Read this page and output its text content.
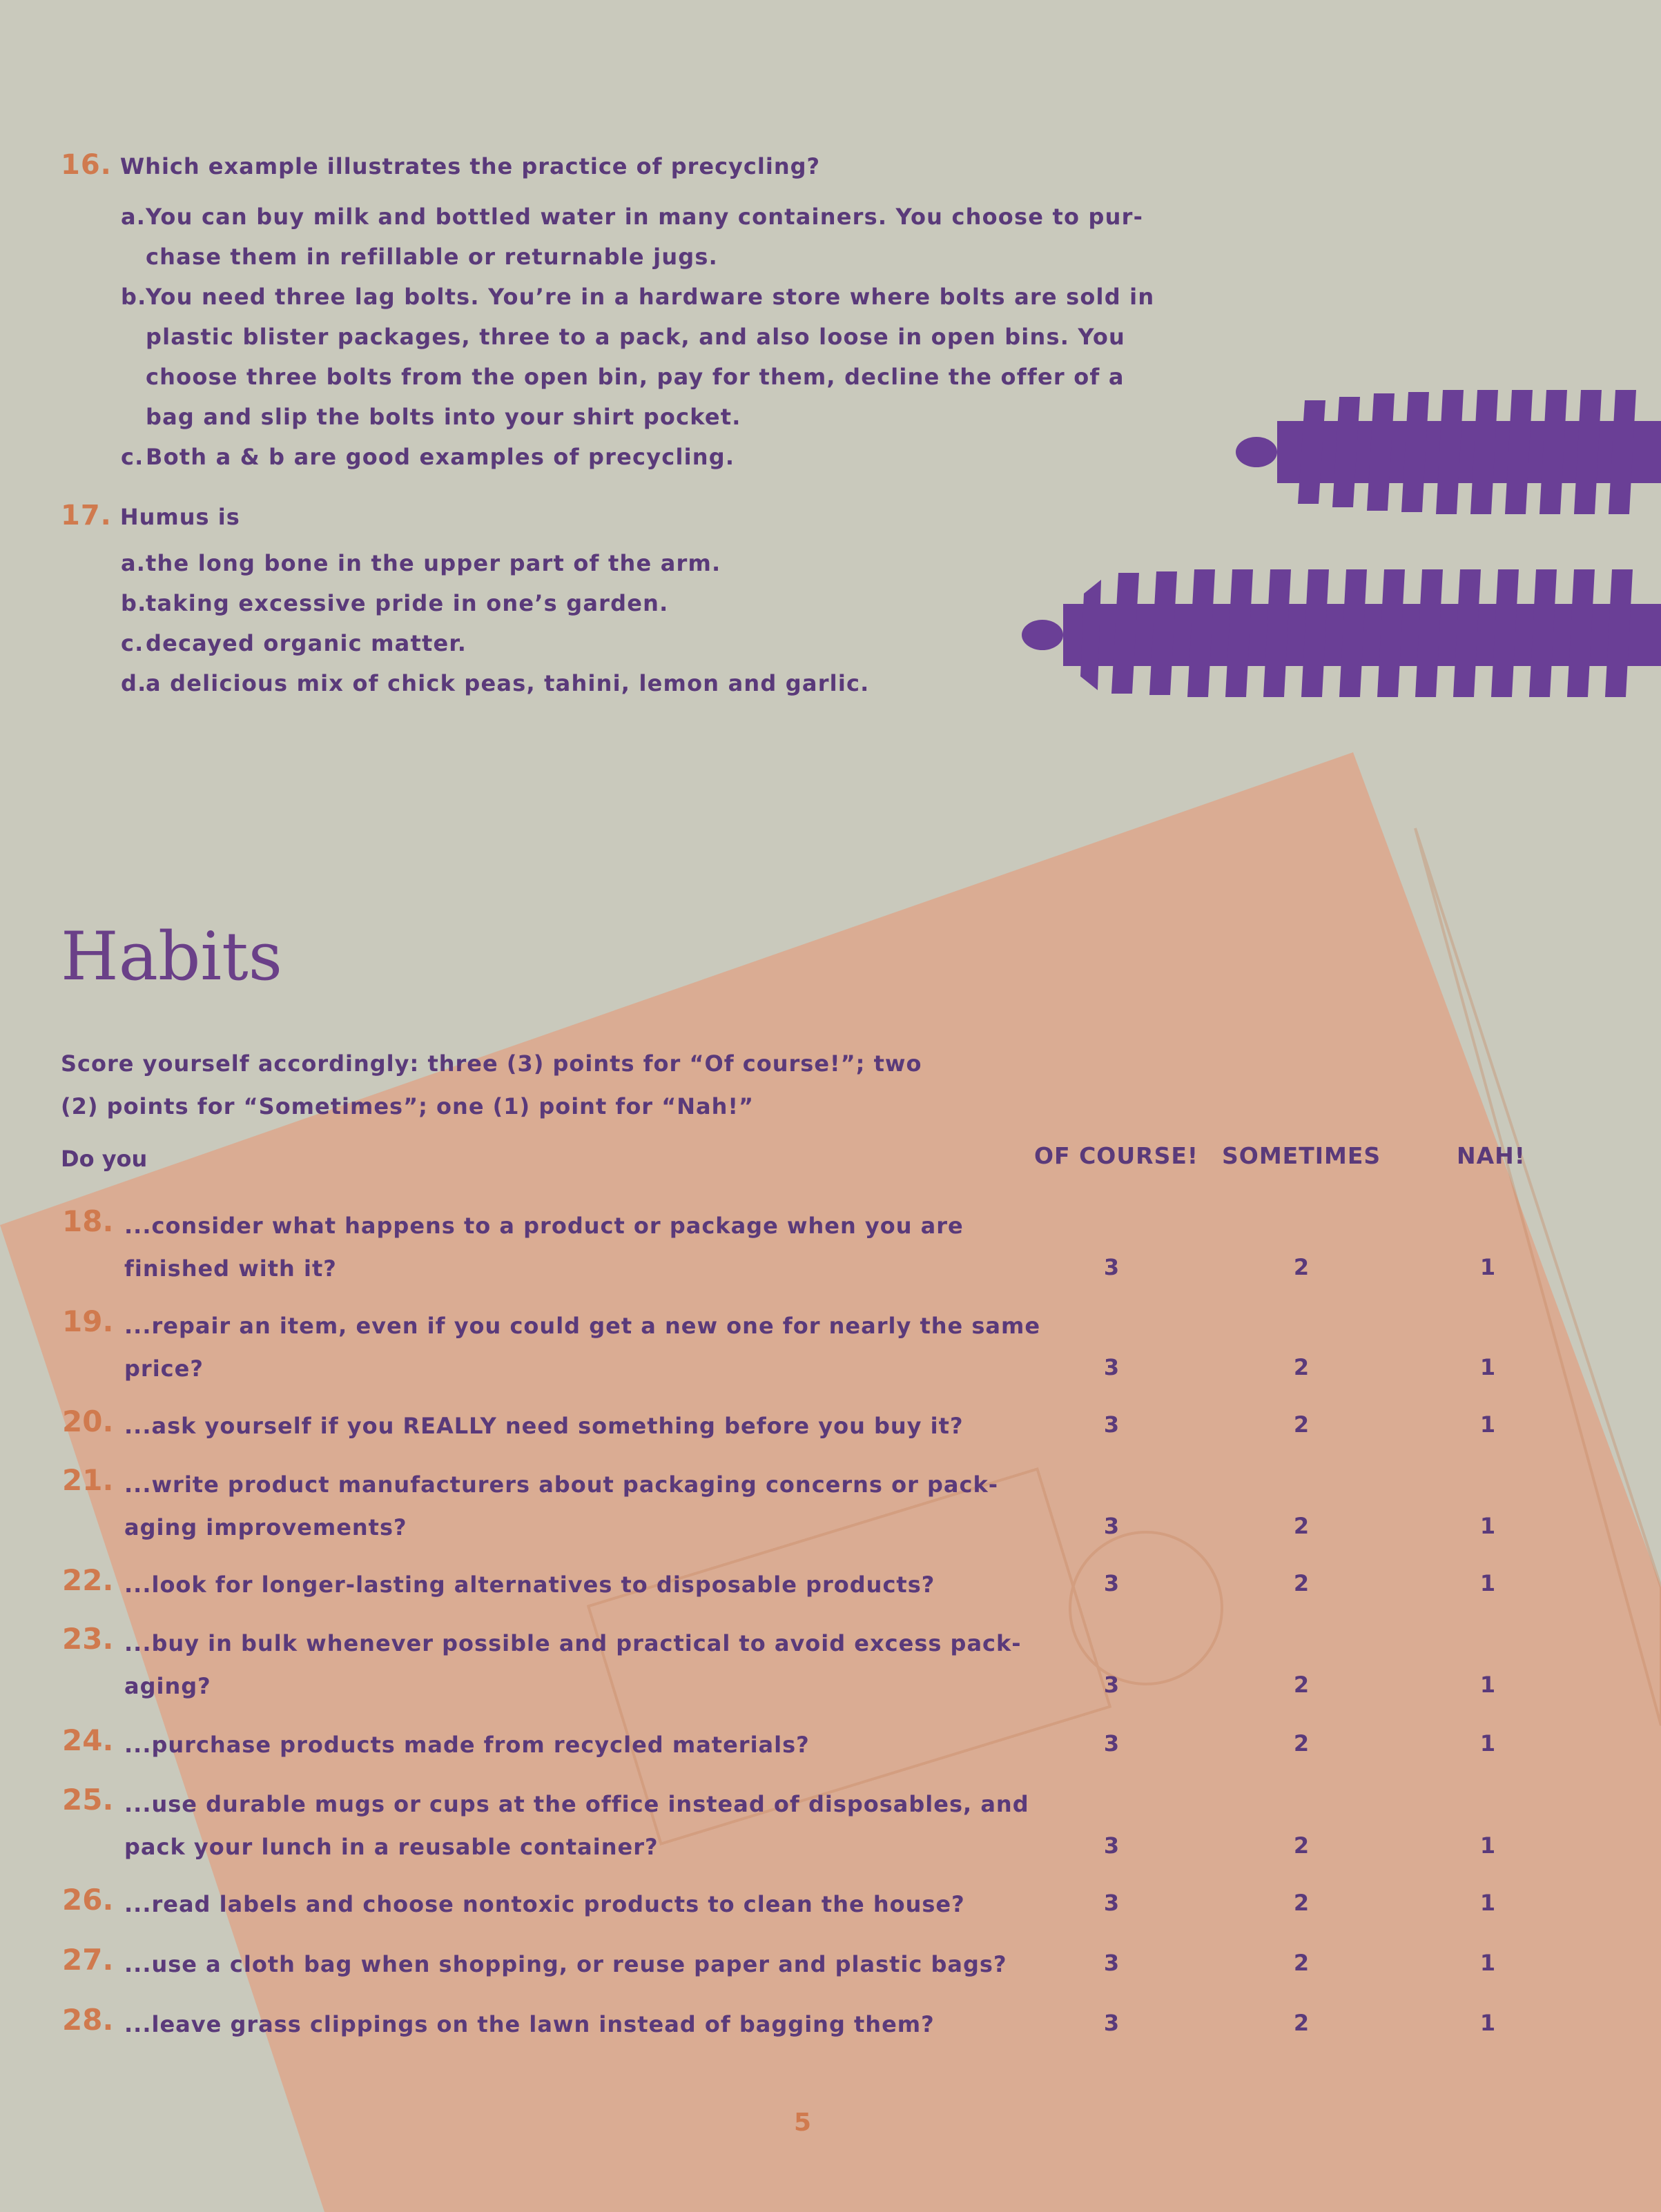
16. Which example illustrates the practice of precycling?
a.You can buy milk and bottled water in many containers. You choose to pur-
chase them in refillable or returnable jugs.
b.You need three lag bolts. You’re in a hardware store where bolts are sold in
plastic blister packages, three to a pack, and also loose in open bins. You
choose three bolts from the open bin, pay for them, decline the offer of a
bag and slip the bolts into your shirt pocket.
c.Both a & b are good examples of precycling.
17. Humus is
a.the long bone in the upper part of the arm.
b.taking excessive pride in one’s garden.
c.decayed organic matter.
d.a delicious mix of chick peas, tahini, lemon and garlic.
Habits
Score yourself accordingly: three (3) points for “Of course!”; two (2) points for “Sometimes”; one (1) point for “Nah!”
Do you	OF COURSE! SOMETIMES	NAH!
18. ...consider what happens to a product or package when you are finished with it?	3	2	1
19. ...repair an item, even if you could get a new one for nearly the same price?	3	2	1
20. ...ask yourself if you REALLY need something before you buy it?	3	2	1
21. ...write product manufacturers about packaging concerns or pack-aging improvements?	3	2	1
22. ...look for longer-lasting alternatives to disposable products?	3	2	1
23. ...buy in bulk whenever possible and practical to avoid excess pack-aging?	3	2	1
24. ...purchase products made from recycled materials?	3	2	1
25. ...use durable mugs or cups at the office instead of disposables, and pack your lunch in a reusable container?	3	2	1
26. ...read labels and choose nontoxic products to clean the house?	3	2	1
27. ...use a cloth bag when shopping, or reuse paper and plastic bags?	3	2	1
28. ...leave grass clippings on the lawn instead of bagging them?	3	2	1
5
